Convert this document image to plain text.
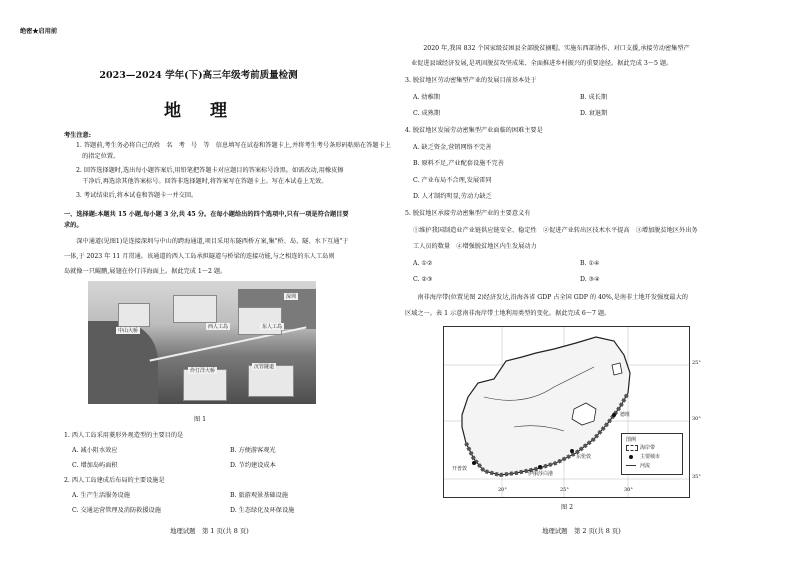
绝密★启用前
2023—2024 学年(下)高三年级考前质量检测
地　理
考生注意:
1. 答题前,考生务必将自己的姓　名　考　号　等　信息填写在试卷和答题卡上,并将考生考号条形码粘贴在答题卡上
　的指定位置。
2. 回答选择题时,选出每小题答案后,用铅笔把答题卡对应题目的答案标号涂黑。如需改动,用橡皮擦
　干净后,再选涂其他答案标号。回答非选择题时,将答案写在答题卡上。写在本试卷上无效。
3. 考试结束后,将本试卷和答题卡一并交回。
一、选择题:本题共 15 小题,每小题 3 分,共 45 分。在每小题给出的四个选项中,只有一项是符合题目要
求的。
　　深中通道(见图1)是连接深圳与中山的跨海通道,项目采用东隧西桥方案,集"桥、岛、隧、水下互通"于
一体,于 2023 年 11 月贯通。该通道的西人工岛承担隧道与桥梁的连接功能,与之相连的东人工岛则
岛就像一只鲲鹏,展翅在伶仃洋海面上。据此完成 1～2 题。
深圳
中山大桥
西人工岛	东人工岛
伶仃洋大桥
沉管隧道
图 1
1. 西人工岛采用菱形外观造型的主要目的是
A. 减小阻水效应	B. 方便游客观光
C. 增加岛屿面积	D. 节约建设成本
2. 西人工岛建成后布局的主要设施是
A. 生产生活服务设施	B. 旅游观景基础设施
C. 交通运营管理及消防救援设施	D. 生态绿化及环保设施
地理试题　第 1 页(共 8 页)
　　2020 年,我国 832 个国家级贫困县全部脱贫摘帽。实施东西部协作、对口支援,承接劳动密集型产
业促进县域经济发展,是巩固脱贫攻坚成果、全面推进乡村振兴的重要途径。据此完成 3～5 题。
3. 脱贫地区劳动密集型产业的发展目前基本处于
A. 幼稚期	B. 成长期
C. 成熟期	D. 衰退期
4. 脱贫地区发展劳动密集型产业面临的困难主要是
A. 缺乏资金,营销网络不完善
B. 原料不足,产业配套设施不完善
C. 产业布局不合理,发展雷同
D. 人才制约明显,劳动力缺乏
5. 脱贫地区承接劳动密集型产业的主要意义有
①维护我国制造业产业链供应链安全、稳定性　②促进产业转出区技术水平提高　③增加脱贫地区外出务
工人员的数量　④增强脱贫地区内生发展动力
A. ①②	B. ①④
C. ②③	D. ③④
　　南非海岸带(位置见图 2)经济发达,沿海各省 GDP 占全国 GDP 的 40%,是南非土地开发强度最大的
区域之一。表 1 示意南非海岸带土地利用类型的变化。据此完成 6～7 题。
25°
30°
35°
20°	25°	30°
德班
开普敦
伊丽莎白港
东伦敦
图例
海岸带
主要城市
河流
图 2
地理试题　第 2 页(共 8 页)
